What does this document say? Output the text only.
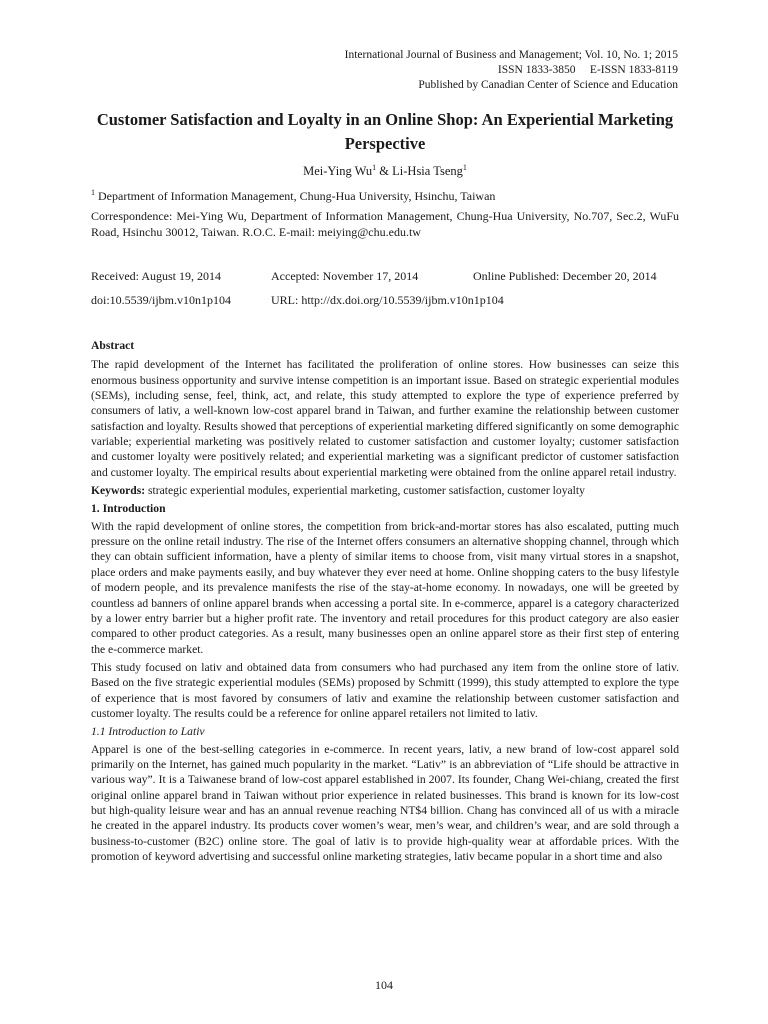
International Journal of Business and Management; Vol. 10, No. 1; 2015
ISSN 1833-3850     E-ISSN 1833-8119
Published by Canadian Center of Science and Education
Customer Satisfaction and Loyalty in an Online Shop: An Experiential Marketing Perspective
Mei-Ying Wu$^1$ & Li-Hsia Tseng$^1$
$^1$ Department of Information Management, Chung-Hua University, Hsinchu, Taiwan
Correspondence: Mei-Ying Wu, Department of Information Management, Chung-Hua University, No.707, Sec.2, WuFu Road, Hsinchu 30012, Taiwan. R.O.C. E-mail: meiying@chu.edu.tw
Received: August 19, 2014	Accepted: November 17, 2014	Online Published: December 20, 2014
doi:10.5539/ijbm.v10n1p104	URL: http://dx.doi.org/10.5539/ijbm.v10n1p104
Abstract

The rapid development of the Internet has facilitated the proliferation of online stores. How businesses can seize this enormous business opportunity and survive intense competition is an important issue. Based on strategic experiential modules (SEMs), including sense, feel, think, act, and relate, this study attempted to explore the type of experience preferred by consumers of lativ, a well-known low-cost apparel brand in Taiwan, and further examine the relationship between customer satisfaction and loyalty. Results showed that perceptions of experiential marketing differed significantly on some demographic variable; experiential marketing was positively related to customer satisfaction and customer loyalty; customer satisfaction and customer loyalty were positively related; and experiential marketing was a significant predictor of customer satisfaction and customer loyalty. The empirical results about experiential marketing were obtained from the online apparel retail industry.

Keywords: strategic experiential modules, experiential marketing, customer satisfaction, customer loyalty

1. Introduction

With the rapid development of online stores, the competition from brick-and-mortar stores has also escalated, putting much pressure on the online retail industry. The rise of the Internet offers consumers an alternative shopping channel, through which they can obtain sufficient information, have a plenty of similar items to choose from, visit many virtual stores in a snapshot, place orders and make payments easily, and buy whatever they ever need at home. Online shopping caters to the busy lifestyle of modern people, and its prevalence manifests the rise of the stay-at-home economy. In nowadays, one will be greeted by countless ad banners of online apparel brands when accessing a portal site. In e-commerce, apparel is a category characterized by a lower entry barrier but a higher profit rate. The inventory and retail procedures for this product category are also easier compared to other product categories. As a result, many businesses open an online apparel store as their first step of entering the e-commerce market.

This study focused on lativ and obtained data from consumers who had purchased any item from the online store of lativ. Based on the five strategic experiential modules (SEMs) proposed by Schmitt (1999), this study attempted to explore the type of experience that is most favored by consumers of lativ and examine the relationship between customer satisfaction and customer loyalty. The results could be a reference for online apparel retailers not limited to lativ.

1.1 Introduction to Lativ

Apparel is one of the best-selling categories in e-commerce. In recent years, lativ, a new brand of low-cost apparel sold primarily on the Internet, has gained much popularity in the market. “Lativ” is an abbreviation of “Life should be attractive in various way”. It is a Taiwanese brand of low-cost apparel established in 2007. Its founder, Chang Wei-chiang, created the first original online apparel brand in Taiwan without prior experience in related businesses. This brand is known for its low-cost but high-quality leisure wear and has an annual revenue reaching NT$4 billion. Chang has convinced all of us with a miracle he created in the apparel industry. Its products cover women’s wear, men’s wear, and children’s wear, and are sold through a business-to-customer (B2C) online store. The goal of lativ is to provide high-quality wear at affordable prices. With the promotion of keyword advertising and successful online marketing strategies, lativ became popular in a short time and also

104
